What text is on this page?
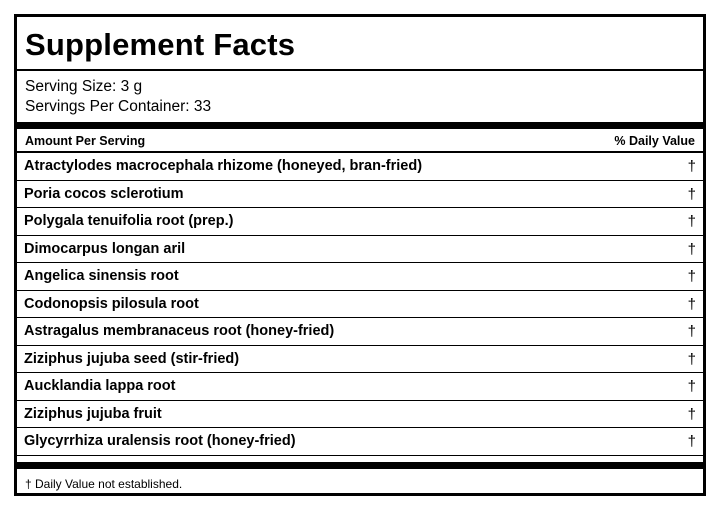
Supplement Facts
Serving Size: 3 g
Servings Per Container: 33
Amount Per Serving	% Daily Value
Atractylodes macrocephala rhizome (honeyed, bran-fried)	†
Poria cocos sclerotium	†
Polygala tenuifolia root (prep.)	†
Dimocarpus longan aril	†
Angelica sinensis root	†
Codonopsis pilosula root	†
Astragalus membranaceus root (honey-fried)	†
Ziziphus jujuba seed (stir-fried)	†
Aucklandia lappa root	†
Ziziphus jujuba fruit	†
Glycyrrhiza uralensis root (honey-fried)	†
† Daily Value not established.
